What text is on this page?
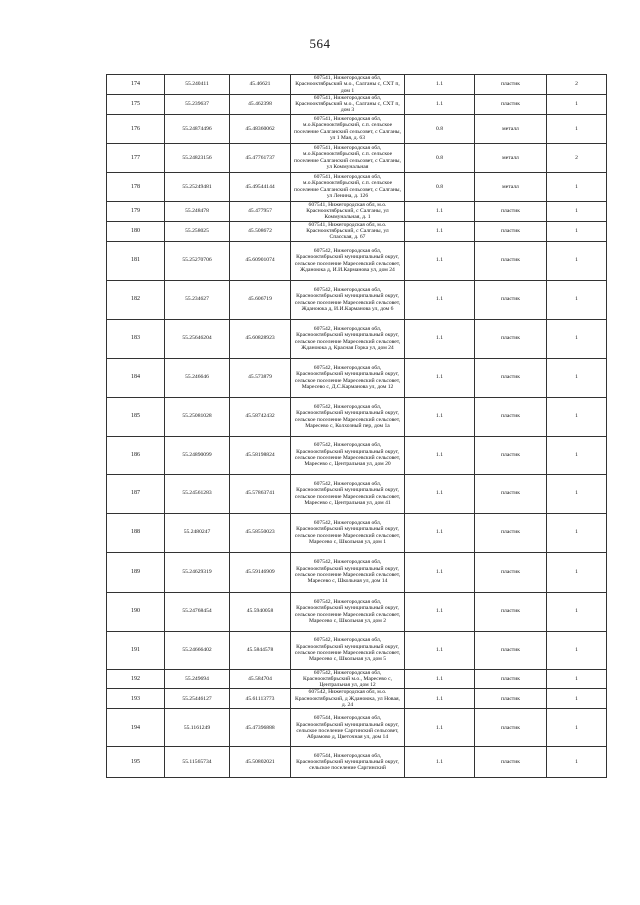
564
174	55.240411	45.46621	607541, Нижегородская обл, Краснооктябрьский м.о., Салганы с, СХТ п, дом 1	1.1	пластик	2
175	55.239637	45.462398	607541, Нижегородская обл, Краснооктябрьский м.о., Салганы с, СХТ п, дом 3	1.1	пластик	1
176	55.24874496	45.48360062	607541, Нижегородская обл, м.о.Краснооктябрьский, с.п. сельское поселение Салганский сельсовет, с Салганы, ул 1 Мая, д. 63	0.8	металл	1
177	55.24823156	45.47761737	607541, Нижегородская обл, м.о.Краснооктябрьский, с.п. сельское поселение Салганский сельсовет, с Салганы, ул Коммунальная	0.8	металл	2
178	55.25249481	45.49544144	607541, Нижегородская обл, м.о.Краснооктябрьский, с.п. сельское поселение Салганский сельсовет, с Салганы, ул Ленина, д. 126	0.8	металл	1
179	55.248478	45.477957	607541, Нижегородская обл, м.о. Краснооктябрьский, с Салганы, ул Коммунальная, д. 1	1.1	пластик	1
180	55.258025	45.508672	607541, Нижегородская обл, м.о. Краснооктябрьский, с Салганы, ул Спасская, д. 67	1.1	пластик	1
181	55.25270706	45.60901074	607542, Нижегородская обл, Краснооктябрьский муниципальный округ, сельское поселение Маресевский сельсовет, Жданоюка д, И.И.Карманова ул, дом 24	1.1	пластик	1
182	55.234627	45.606719	607542, Нижегородская обл, Краснооктябрьский муниципальный округ, сельское поселение Маресевский сельсовет, Жданоюка д, И.И.Карманова ул, дом 6	1.1	пластик	1
183	55.25646204	45.60828923	607542, Нижегородская обл, Краснооктябрьский муниципальный округ, сельское поселение Маресевский сельсовет, Жданоюка д, Красная Горка ул, дом 24	1.1	пластик	1
184	55.246646	45.573879	607542, Нижегородская обл, Краснооктябрьский муниципальный округ, сельское поселение Маресевский сельсовет, Маресево с, Д.С.Карманова ул, дом 12	1.1	пластик	1
185	55.25081028	45.58742432	607542, Нижегородская обл, Краснооктябрьский муниципальный округ, сельское поселение Маресевский сельсовет, Маресево с, Колхозный пер, дом 1а	1.1	пластик	1
186	55.24890099	45.58198824	607542, Нижегородская обл, Краснооктябрьский муниципальный округ, сельское поселение Маресевский сельсовет, Маресево с, Центральная ул, дом 20	1.1	пластик	1
187	55.24561283	45.57863741	607542, Нижегородская обл, Краснооктябрьский муниципальный округ, сельское поселение Маресевский сельсовет, Маресево с, Центральная ул, дом 41	1.1	пластик	1
188	55.2480247	45.58550023	607542, Нижегородская обл, Краснооктябрьский муниципальный округ, сельское поселение Маресевский сельсовет, Маресево с, Школьная ул, дом 1	1.1	пластик	1
189	55.24629319	45.59146909	607542, Нижегородская обл, Краснооктябрьский муниципальный округ, сельское поселение Маресевский сельсовет, Маресево с, Школьная ул, дом 14	1.1	пластик	1
190	55.24768454	45.5940058	607542, Нижегородская обл, Краснооктябрьский муниципальный округ, сельское поселение Маресевский сельсовет, Маресево с, Школьная ул, дом 2	1.1	пластик	1
191	55.24666402	45.5844578	607542, Нижегородская обл, Краснооктябрьский муниципальный округ, сельское поселение Маресевский сельсовет, Маресево с, Школьная ул, дом 5	1.1	пластик	1
192	55.249694	45.584704	607542, Нижегородская обл, Краснооктябрьский м.о., Маресево с, Центральная ул, дом 12	1.1	пластик	1
193	55.25446127	45.61113773	607542, Нижегородская обл, м.о. Краснооктябрьский, д Жданоюка, ул Новая, д. 24	1.1	пластик	1
194	55.1161249	45.47396888	607544, Нижегородская обл, Краснооктябрьский муниципальный округ, сельское поселение Саргинский сельсовет, Абрамово д, Цветочная ул, дом 14	1.1	пластик	1
195	55.11565734	45.50802021	607544, Нижегородская обл, Краснооктябрьский муниципальный округ, сельское поселение Саргинский	1.1	пластик	1
